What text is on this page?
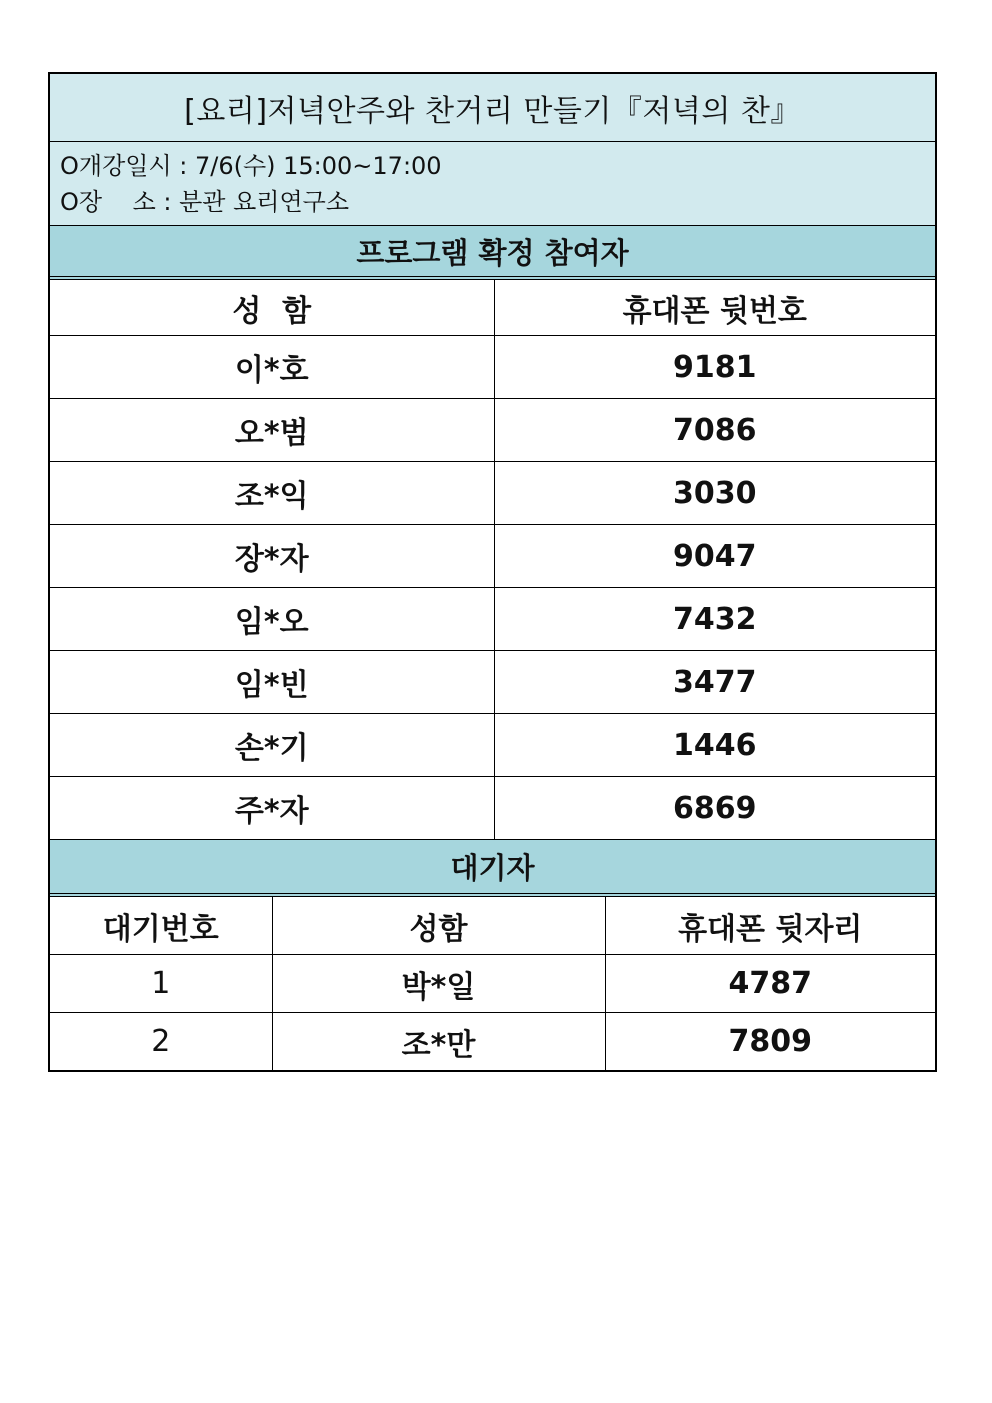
[요리]저녁안주와 찬거리 만들기『저녁의 찬』
O개강일시 : 7/6(수) 15:00~17:00
O장    소 : 분관 요리연구소
프로그램 확정 참여자
성  함	휴대폰 뒷번호
이*호	9181
오*범	7086
조*익	3030
장*자	9047
임*오	7432
임*빈	3477
손*기	1446
주*자	6869
대기자
대기번호	성함	휴대폰 뒷자리
1	박*일	4787
2	조*만	7809
